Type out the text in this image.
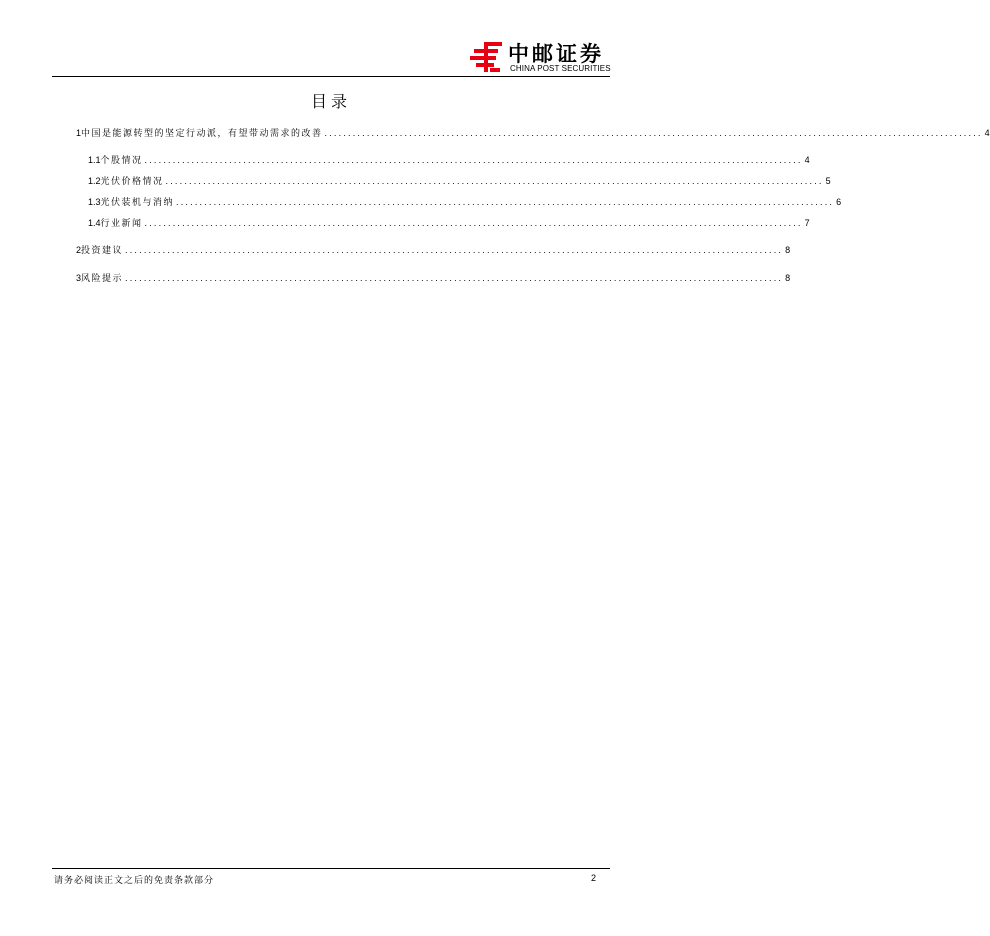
中邮证券
CHINA POST SECURITIES
目录
1 中国是能源转型的坚定行动派，有望带动需求的改善 ............................................................................................................................................ 4
1.1 个股情况 ............................................................................................................................................ 4
1.2 光伏价格情况 ............................................................................................................................................ 5
1.3 光伏装机与消纳 ............................................................................................................................................ 6
1.4 行业新闻 ............................................................................................................................................ 7
2 投资建议 ............................................................................................................................................ 8
3 风险提示 ............................................................................................................................................ 8
请务必阅读正文之后的免责条款部分	2
